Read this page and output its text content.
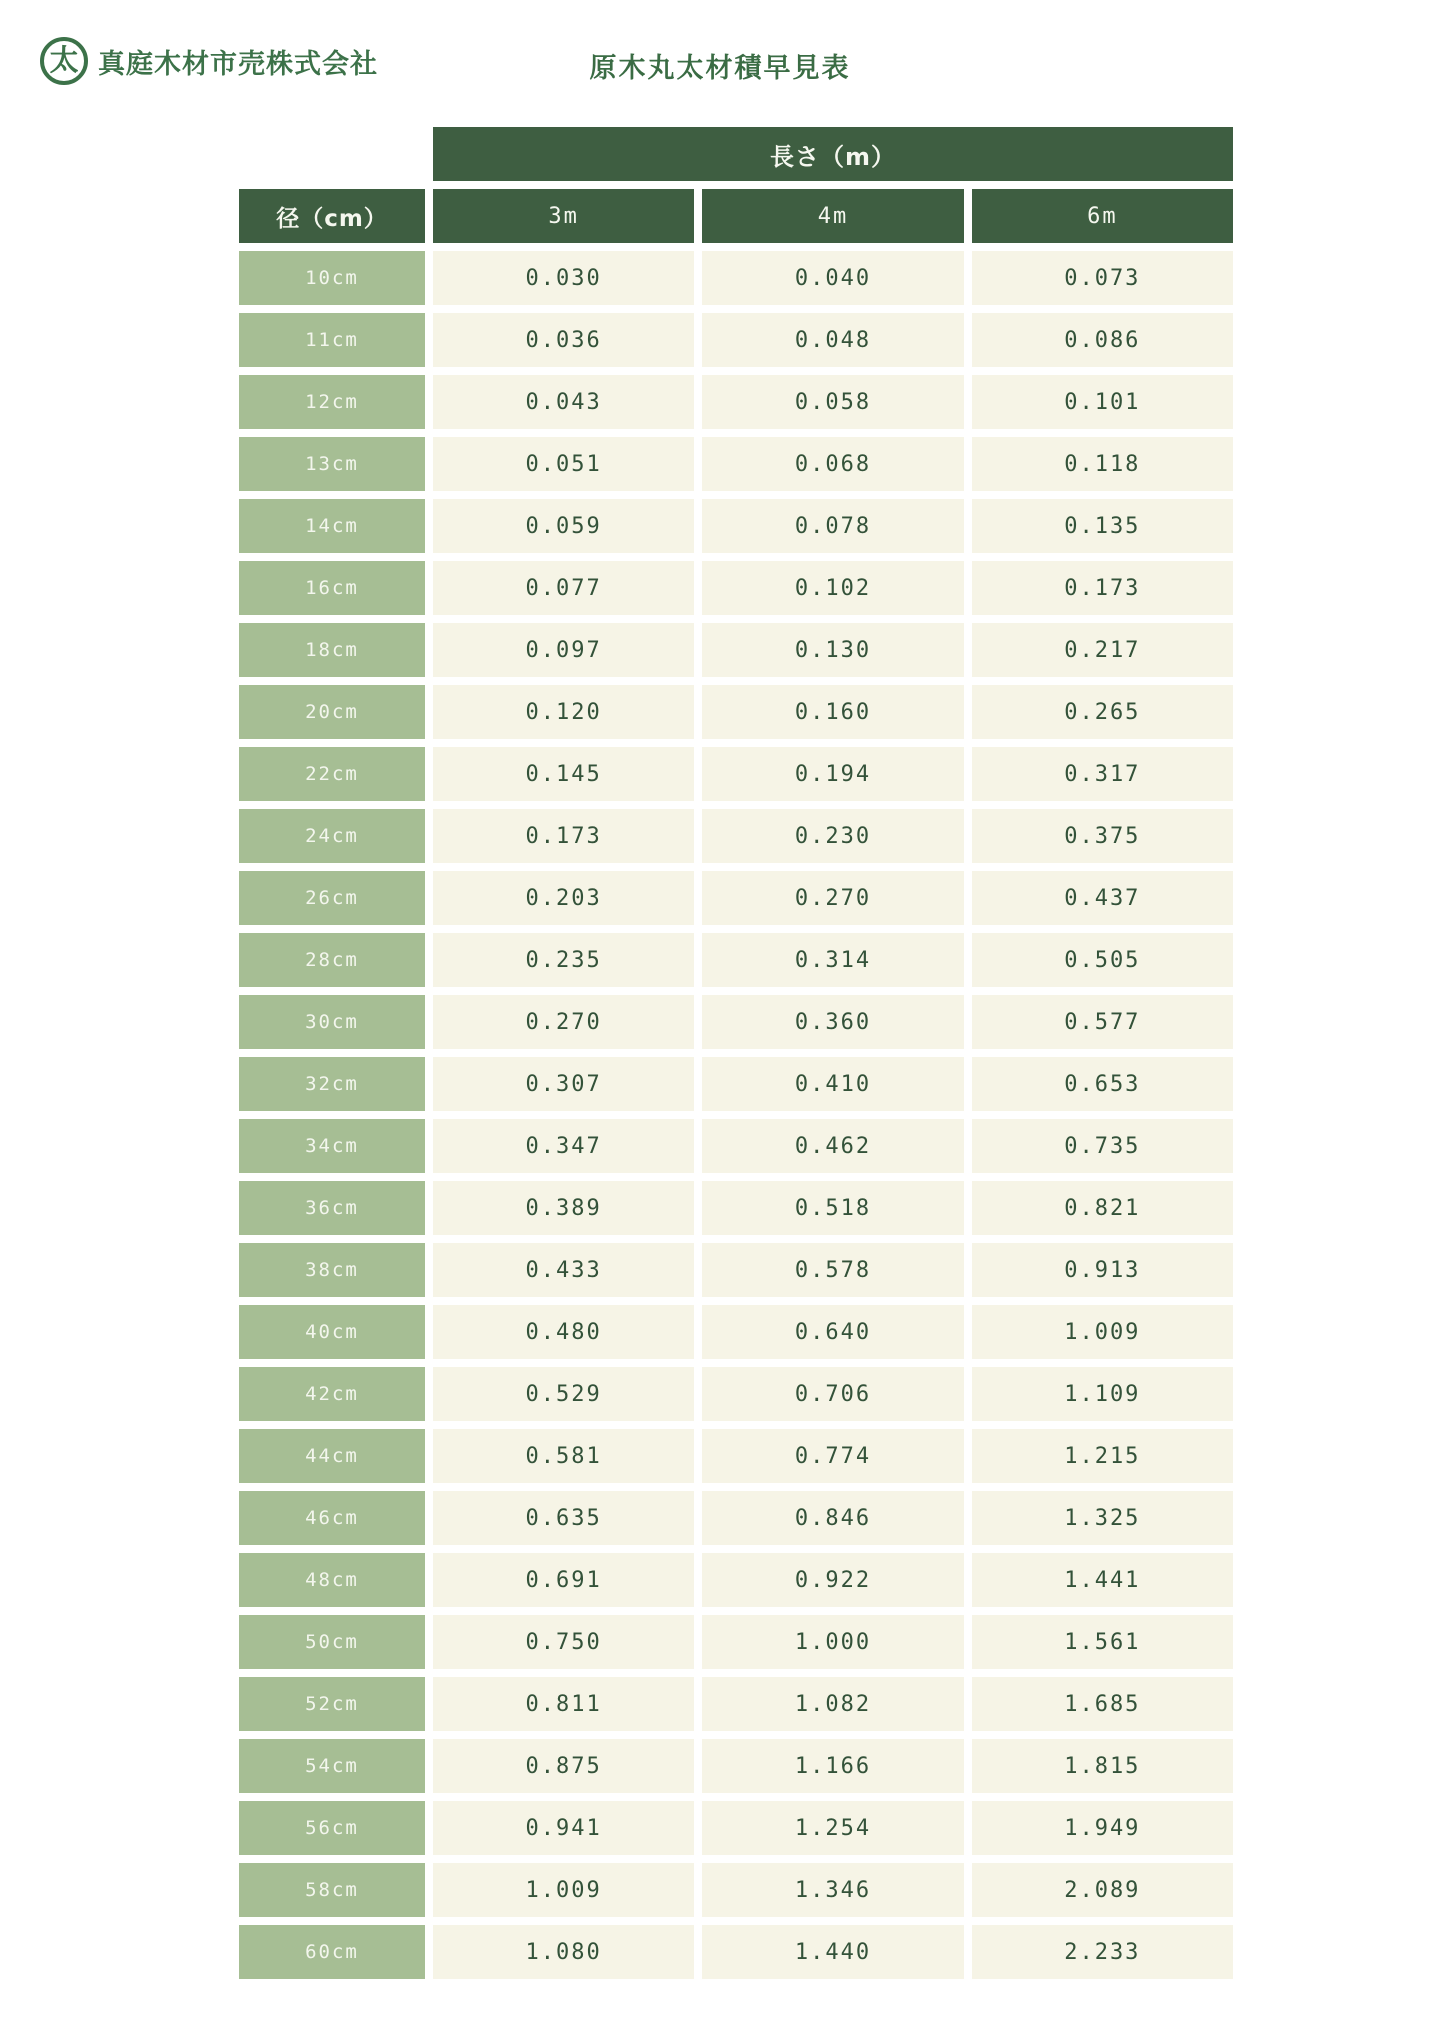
太 真庭木材市売株式会社	原木丸太材積早見表
長さ（m）
径（cm）	3m	4m	6m
10cm	0.030	0.040	0.073
11cm	0.036	0.048	0.086
12cm	0.043	0.058	0.101
13cm	0.051	0.068	0.118
14cm	0.059	0.078	0.135
16cm	0.077	0.102	0.173
18cm	0.097	0.130	0.217
20cm	0.120	0.160	0.265
22cm	0.145	0.194	0.317
24cm	0.173	0.230	0.375
26cm	0.203	0.270	0.437
28cm	0.235	0.314	0.505
30cm	0.270	0.360	0.577
32cm	0.307	0.410	0.653
34cm	0.347	0.462	0.735
36cm	0.389	0.518	0.821
38cm	0.433	0.578	0.913
40cm	0.480	0.640	1.009
42cm	0.529	0.706	1.109
44cm	0.581	0.774	1.215
46cm	0.635	0.846	1.325
48cm	0.691	0.922	1.441
50cm	0.750	1.000	1.561
52cm	0.811	1.082	1.685
54cm	0.875	1.166	1.815
56cm	0.941	1.254	1.949
58cm	1.009	1.346	2.089
60cm	1.080	1.440	2.233
